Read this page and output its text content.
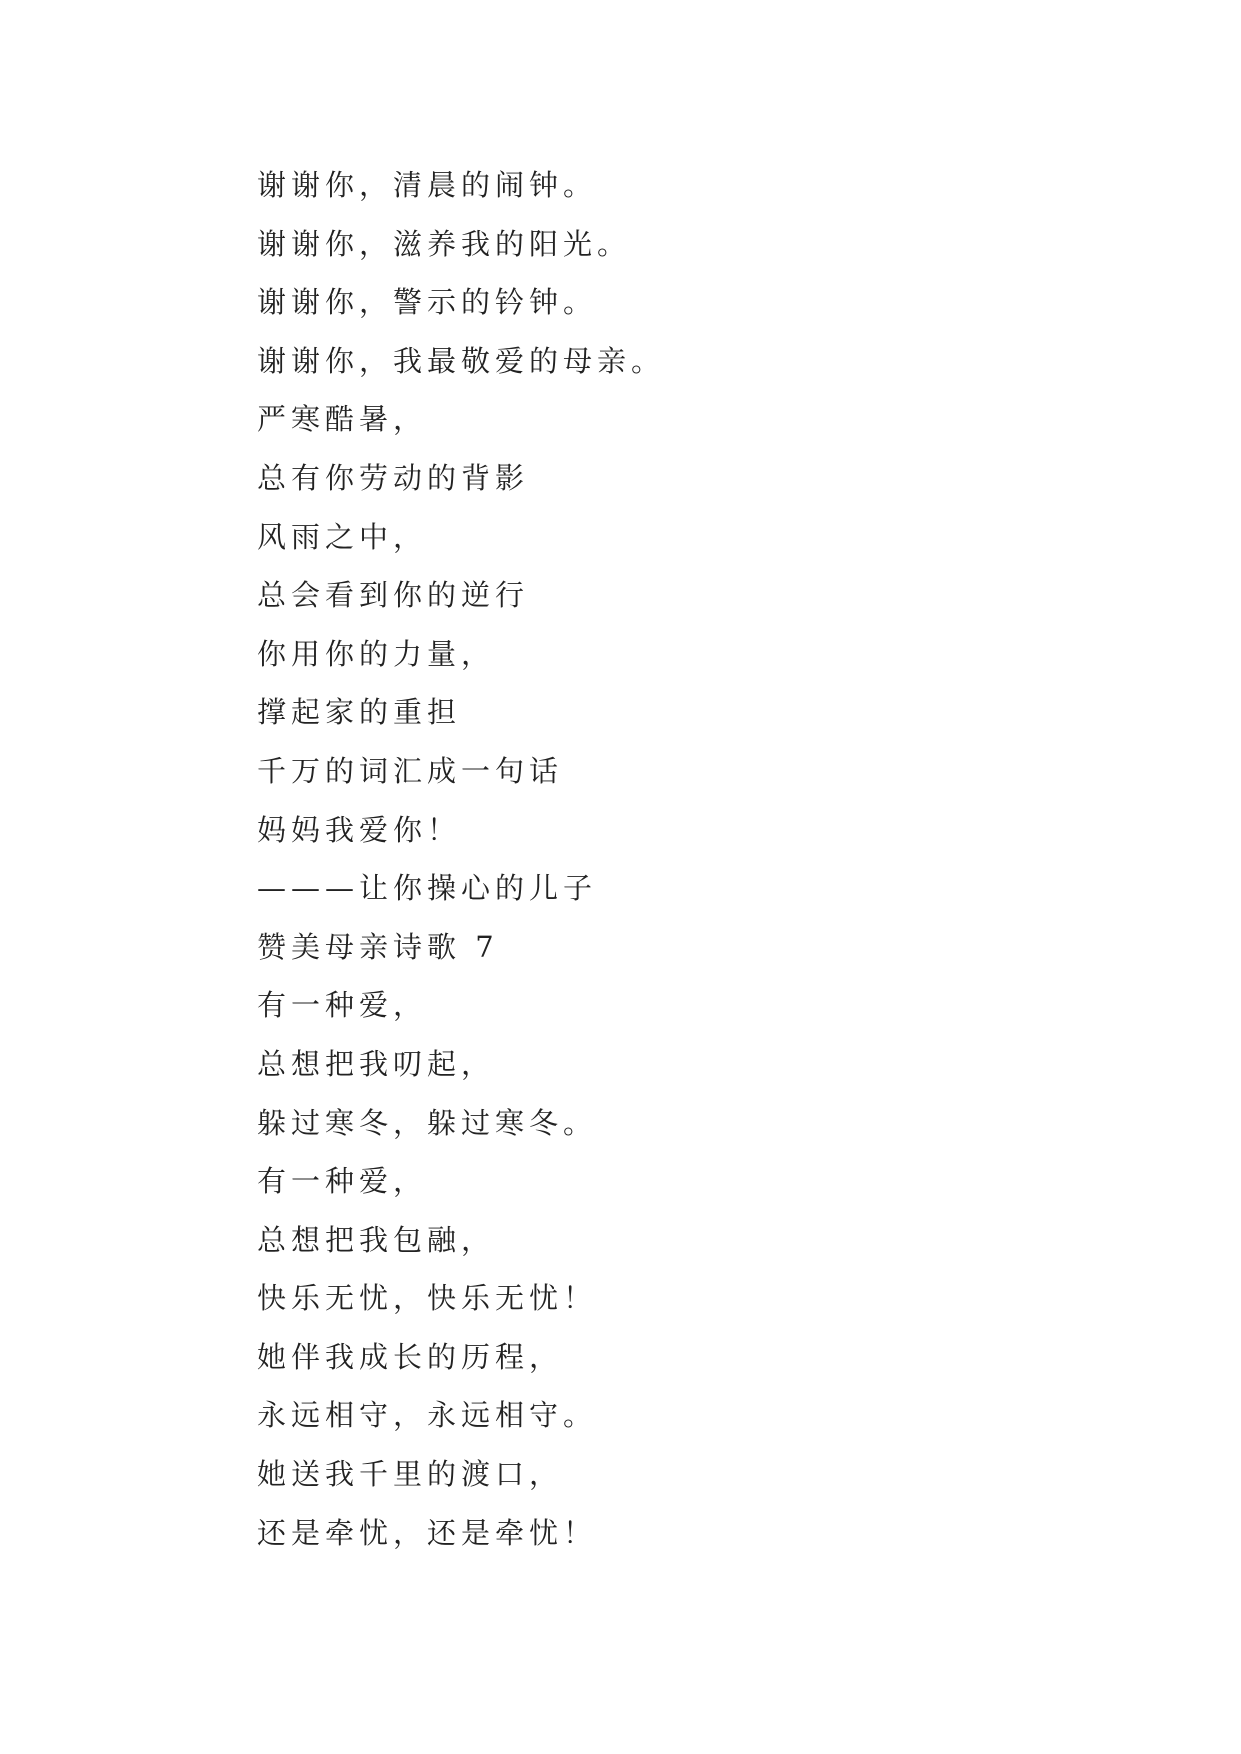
谢谢你，清晨的闹钟。
谢谢你，滋养我的阳光。
谢谢你，警示的钤钟。
谢谢你，我最敬爱的母亲。
严寒酷暑，
总有你劳动的背影
风雨之中，
总会看到你的逆行
你用你的力量，
撑起家的重担
千万的词汇成一句话
妈妈我爱你！
———让你操心的儿子
赞美母亲诗歌 7
有一种爱，
总想把我叨起，
躲过寒冬，躲过寒冬。
有一种爱，
总想把我包融，
快乐无忧，快乐无忧！
她伴我成长的历程，
永远相守，永远相守。
她送我千里的渡口，
还是牵忧，还是牵忧！
